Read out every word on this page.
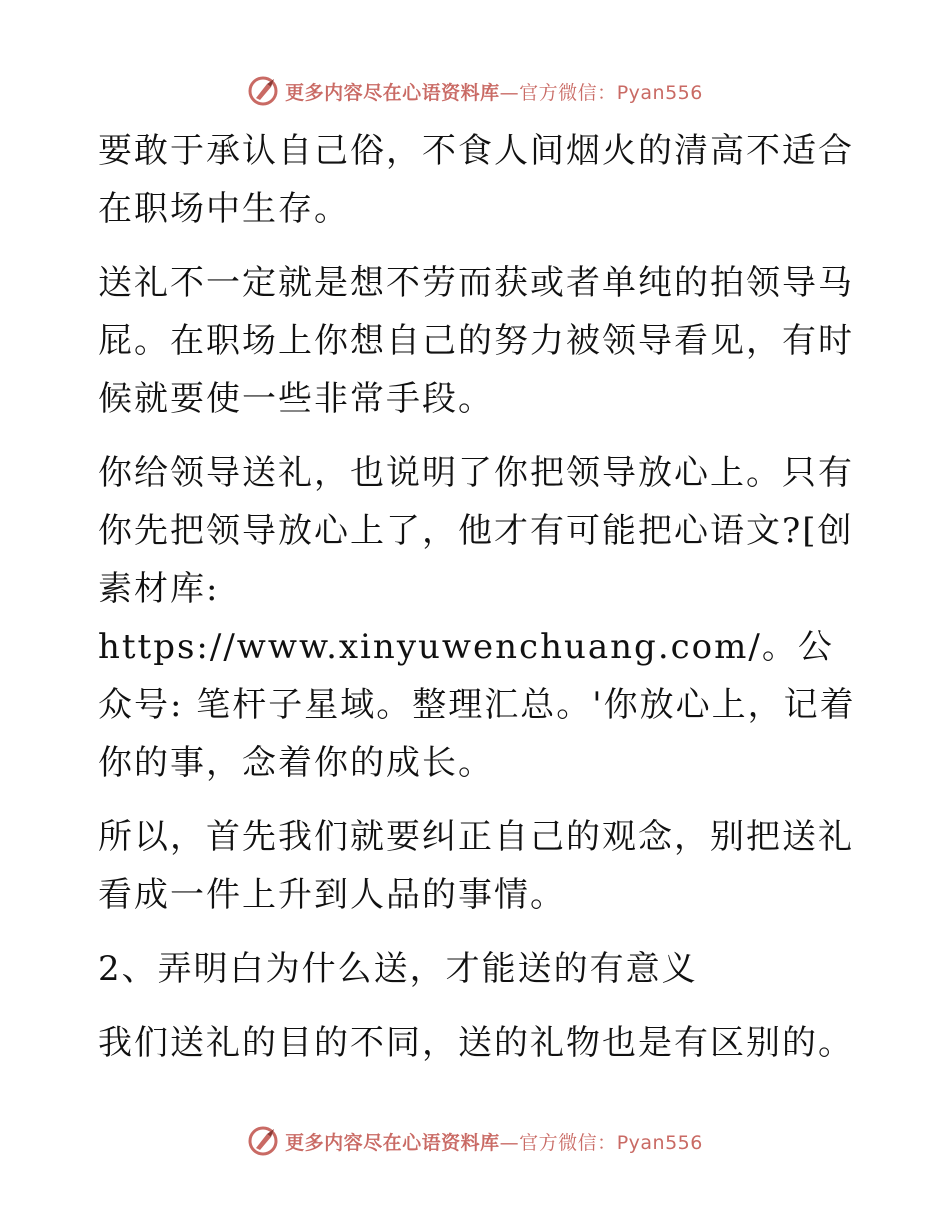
更多内容尽在心语资料库—官方微信：Pyan556

要敢于承认自己俗，不食人间烟火的清高不适合在职场中生存。

送礼不一定就是想不劳而获或者单纯的拍领导马屁。在职场上你想自己的努力被领导看见，有时候就要使一些非常手段。

你给领导送礼，也说明了你把领导放心上。只有你先把领导放心上了，他才有可能把心语文?[创素材库: https://www.xinyuwenchuang.com/。公众号: 笔杆子星域。整理汇总。'你放心上，记着你的事，念着你的成长。

所以，首先我们就要纠正自己的观念，别把送礼看成一件上升到人品的事情。

2、弄明白为什么送，才能送的有意义

我们送礼的目的不同，送的礼物也是有区别的。

更多内容尽在心语资料库—官方微信：Pyan556
